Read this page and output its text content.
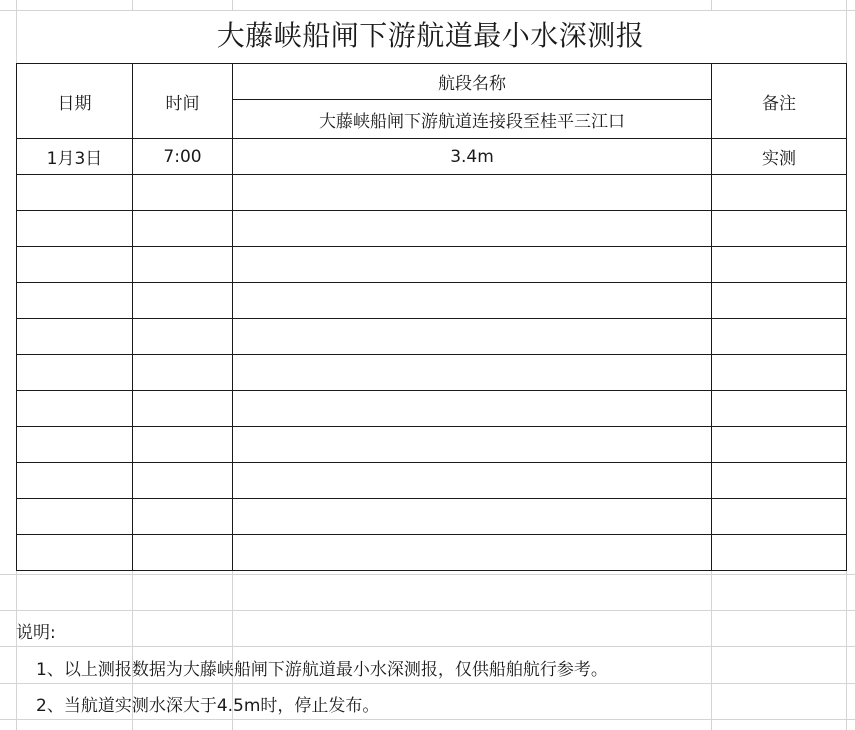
大藤峡船闸下游航道最小水深测报
日期	时间	航段名称	备注
		大藤峡船闸下游航道连接段至桂平三江口	
1月3日	7:00	3.4m	实测

说明:
1、以上测报数据为大藤峡船闸下游航道最小水深测报，仅供船舶航行参考。
2、当航道实测水深大于4.5m时，停止发布。
